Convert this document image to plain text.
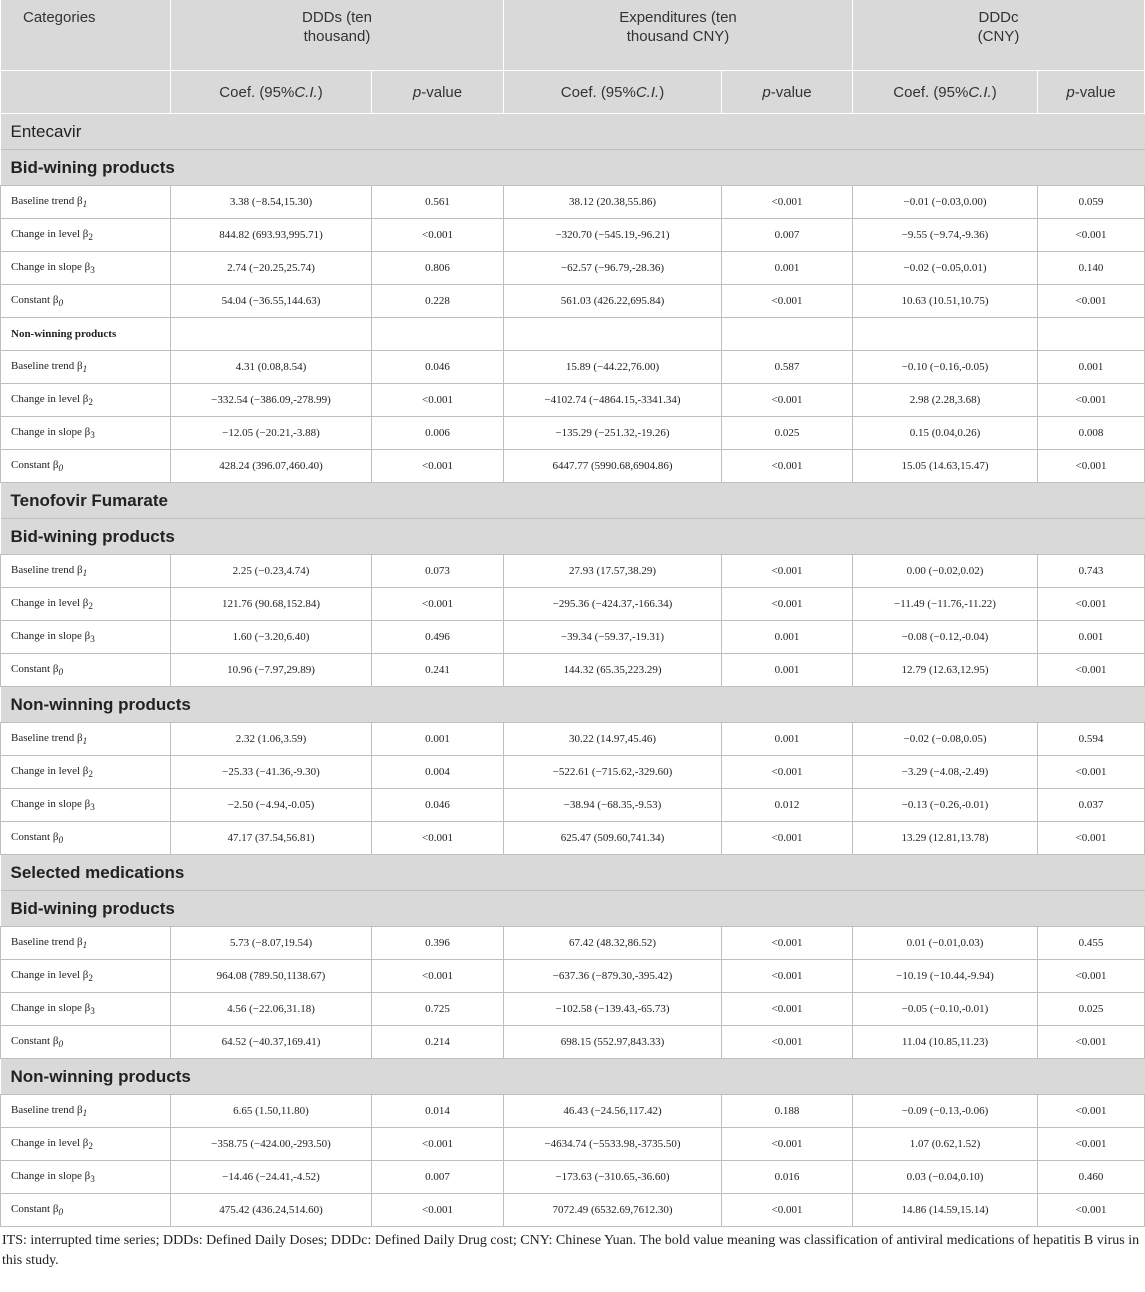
Categories	DDDs (ten thousand)		Expenditures (ten thousand CNY)		DDDc (CNY)	
	Coef. (95%C.I.)	p-value	Coef. (95%C.I.)	p-value	Coef. (95%C.I.)	p-value
Entecavir						
Bid-wining products						
Baseline trend $\beta_1$	3.38 (−8.54,15.30)	0.561	38.12 (20.38,55.86)	<0.001	−0.01 (−0.03,0.00)	0.059
Change in level $\beta_2$	844.82 (693.93,995.71)	<0.001	−320.70 (−545.19,-96.21)	0.007	−9.55 (−9.74,-9.36)	<0.001
Change in slope $\beta_3$	2.74 (−20.25,25.74)	0.806	−62.57 (−96.79,-28.36)	0.001	−0.02 (−0.05,0.01)	0.140
Constant $\beta_0$	54.04 (−36.55,144.63)	0.228	561.03 (426.22,695.84)	<0.001	10.63 (10.51,10.75)	<0.001
Non-winning products						
Baseline trend $\beta_1$	4.31 (0.08,8.54)	0.046	15.89 (−44.22,76.00)	0.587	−0.10 (−0.16,-0.05)	0.001
Change in level $\beta_2$	−332.54 (−386.09,-278.99)	<0.001	−4102.74 (−4864.15,-3341.34)	<0.001	2.98 (2.28,3.68)	<0.001
Change in slope $\beta_3$	−12.05 (−20.21,-3.88)	0.006	−135.29 (−251.32,-19.26)	0.025	0.15 (0.04,0.26)	0.008
Constant $\beta_0$	428.24 (396.07,460.40)	<0.001	6447.77 (5990.68,6904.86)	<0.001	15.05 (14.63,15.47)	<0.001
Tenofovir Fumarate						
Bid-wining products						
Baseline trend $\beta_1$	2.25 (−0.23,4.74)	0.073	27.93 (17.57,38.29)	<0.001	0.00 (−0.02,0.02)	0.743
Change in level $\beta_2$	121.76 (90.68,152.84)	<0.001	−295.36 (−424.37,-166.34)	<0.001	−11.49 (−11.76,-11.22)	<0.001
Change in slope $\beta_3$	1.60 (−3.20,6.40)	0.496	−39.34 (−59.37,-19.31)	0.001	−0.08 (−0.12,-0.04)	0.001
Constant $\beta_0$	10.96 (−7.97,29.89)	0.241	144.32 (65.35,223.29)	0.001	12.79 (12.63,12.95)	<0.001
Non-winning products						
Baseline trend $\beta_1$	2.32 (1.06,3.59)	0.001	30.22 (14.97,45.46)	0.001	−0.02 (−0.08,0.05)	0.594
Change in level $\beta_2$	−25.33 (−41.36,-9.30)	0.004	−522.61 (−715.62,-329.60)	<0.001	−3.29 (−4.08,-2.49)	<0.001
Change in slope $\beta_3$	−2.50 (−4.94,-0.05)	0.046	−38.94 (−68.35,-9.53)	0.012	−0.13 (−0.26,-0.01)	0.037
Constant $\beta_0$	47.17 (37.54,56.81)	<0.001	625.47 (509.60,741.34)	<0.001	13.29 (12.81,13.78)	<0.001
Selected medications						
Bid-wining products						
Baseline trend $\beta_1$	5.73 (−8.07,19.54)	0.396	67.42 (48.32,86.52)	<0.001	0.01 (−0.01,0.03)	0.455
Change in level $\beta_2$	964.08 (789.50,1138.67)	<0.001	−637.36 (−879.30,-395.42)	<0.001	−10.19 (−10.44,-9.94)	<0.001
Change in slope $\beta_3$	4.56 (−22.06,31.18)	0.725	−102.58 (−139.43,-65.73)	<0.001	−0.05 (−0.10,-0.01)	0.025
Constant $\beta_0$	64.52 (−40.37,169.41)	0.214	698.15 (552.97,843.33)	<0.001	11.04 (10.85,11.23)	<0.001
Non-winning products						
Baseline trend $\beta_1$	6.65 (1.50,11.80)	0.014	46.43 (−24.56,117.42)	0.188	−0.09 (−0.13,-0.06)	<0.001
Change in level $\beta_2$	−358.75 (−424.00,-293.50)	<0.001	−4634.74 (−5533.98,-3735.50)	<0.001	1.07 (0.62,1.52)	<0.001
Change in slope $\beta_3$	−14.46 (−24.41,-4.52)	0.007	−173.63 (−310.65,-36.60)	0.016	0.03 (−0.04,0.10)	0.460
Constant $\beta_0$	475.42 (436.24,514.60)	<0.001	7072.49 (6532.69,7612.30)	<0.001	14.86 (14.59,15.14)	<0.001
ITS: interrupted time series; DDDs: Defined Daily Doses; DDDc: Defined Daily Drug cost; CNY: Chinese Yuan. The bold value meaning was classification of antiviral medications of hepatitis B virus in this study.
